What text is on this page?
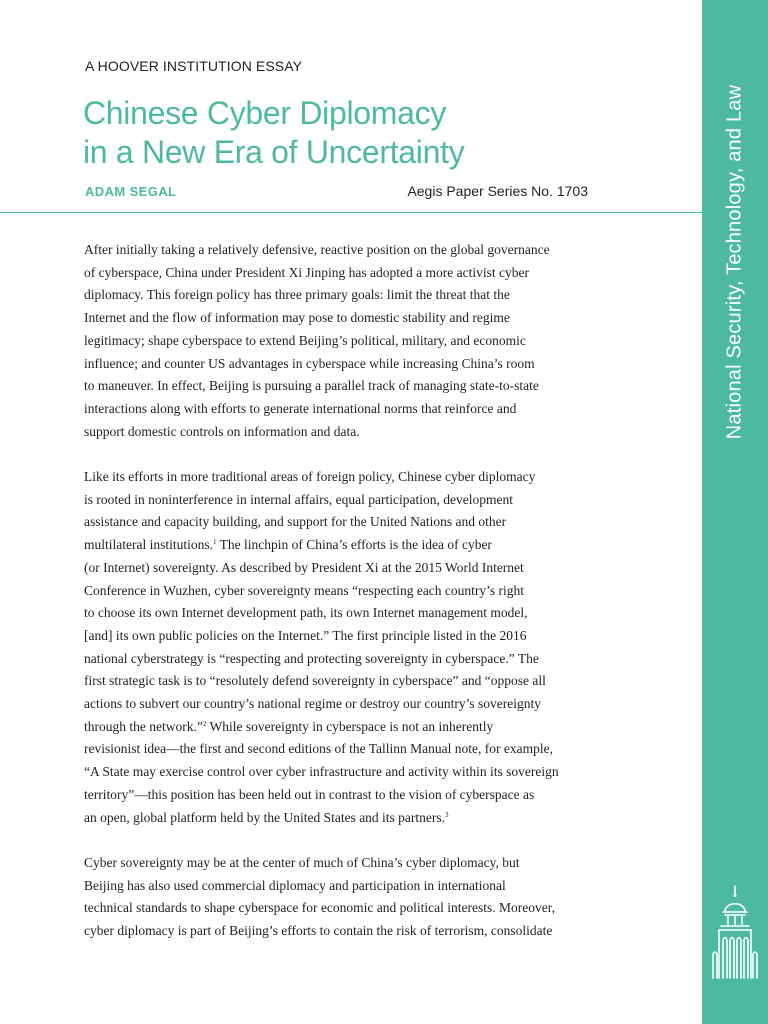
A HOOVER INSTITUTION ESSAY
Chinese Cyber Diplomacy
in a New Era of Uncertainty
ADAM SEGAL	Aegis Paper Series No. 1703

After initially taking a relatively defensive, reactive position on the global governance
of cyberspace, China under President Xi Jinping has adopted a more activist cyber
diplomacy. This foreign policy has three primary goals: limit the threat that the
Internet and the flow of information may pose to domestic stability and regime
legitimacy; shape cyberspace to extend Beijing’s political, military, and economic
influence; and counter US advantages in cyberspace while increasing China’s room
to maneuver. In effect, Beijing is pursuing a parallel track of managing state-to-state
interactions along with efforts to generate international norms that reinforce and
support domestic controls on information and data.

Like its efforts in more traditional areas of foreign policy, Chinese cyber diplomacy
is rooted in noninterference in internal affairs, equal participation, development
assistance and capacity building, and support for the United Nations and other
multilateral institutions.$^1$ The linchpin of China’s efforts is the idea of cyber
(or Internet) sovereignty. As described by President Xi at the 2015 World Internet
Conference in Wuzhen, cyber sovereignty means “respecting each country’s right
to choose its own Internet development path, its own Internet management model,
[and] its own public policies on the Internet.” The first principle listed in the 2016
national cyberstrategy is “respecting and protecting sovereignty in cyberspace.” The
first strategic task is to “resolutely defend sovereignty in cyberspace” and “oppose all
actions to subvert our country’s national regime or destroy our country’s sovereignty
through the network.”$^2$ While sovereignty in cyberspace is not an inherently
revisionist idea—the first and second editions of the Tallinn Manual note, for example,
“A State may exercise control over cyber infrastructure and activity within its sovereign
territory”—this position has been held out in contrast to the vision of cyberspace as
an open, global platform held by the United States and its partners.$^3$

Cyber sovereignty may be at the center of much of China’s cyber diplomacy, but
Beijing has also used commercial diplomacy and participation in international
technical standards to shape cyberspace for economic and political interests. Moreover,
cyber diplomacy is part of Beijing’s efforts to contain the risk of terrorism, consolidate

National Security, Technology, and Law
